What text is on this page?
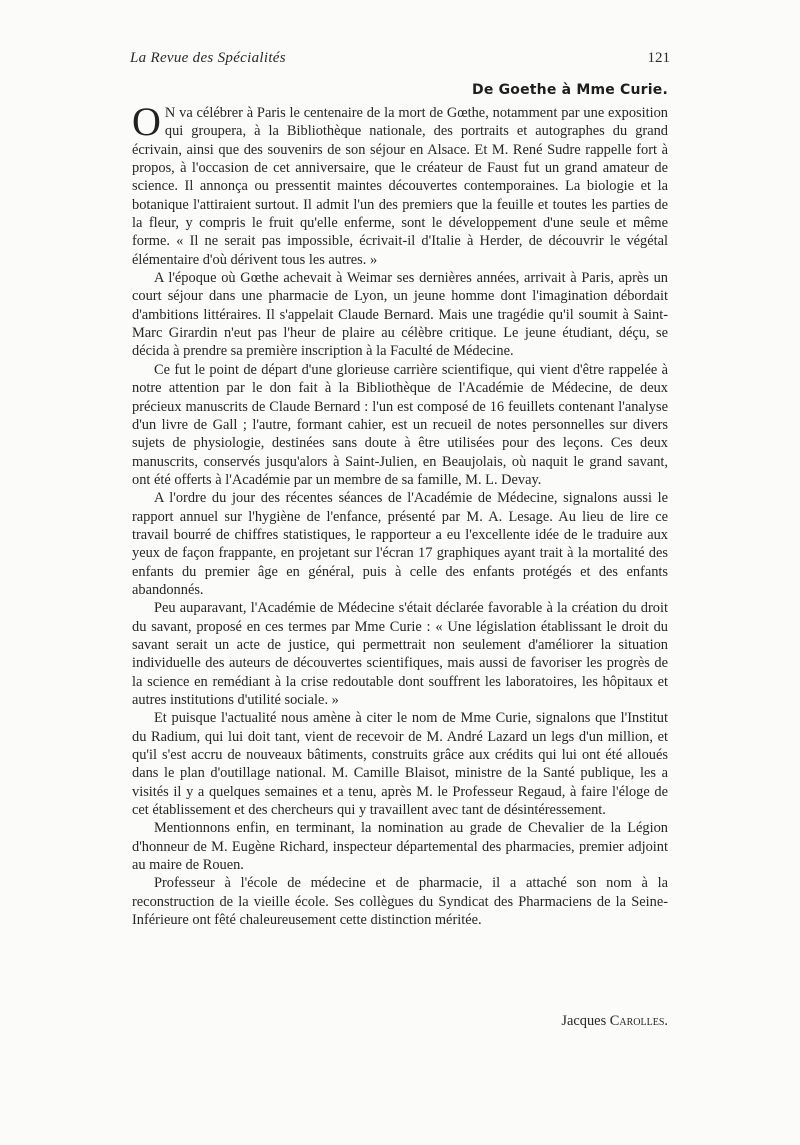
La Revue des Spécialités	121
De Goethe à Mme Curie.

O N va célébrer à Paris le centenaire de la mort de Gœthe, notamment par une exposition qui groupera, à la Bibliothèque nationale, des portraits et autographes du grand écrivain, ainsi que des souvenirs de son séjour en Alsace. Et M. René Sudre rappelle fort à propos, à l'occasion de cet anniversaire, que le créateur de Faust fut un grand amateur de science. Il annonça ou pressentit maintes découvertes contemporaines. La biologie et la botanique l'attiraient surtout. Il admit l'un des premiers que la feuille et toutes les parties de la fleur, y compris le fruit qu'elle enferme, sont le développement d'une seule et même forme. « Il ne serait pas impossible, écrivait-il d'Italie à Herder, de découvrir le végétal élémentaire d'où dérivent tous les autres. »

A l'époque où Gœthe achevait à Weimar ses dernières années, arrivait à Paris, après un court séjour dans une pharmacie de Lyon, un jeune homme dont l'imagination débordait d'ambitions littéraires. Il s'appelait Claude Bernard. Mais une tragédie qu'il soumit à Saint-Marc Girardin n'eut pas l'heur de plaire au célèbre critique. Le jeune étudiant, déçu, se décida à prendre sa première inscription à la Faculté de Médecine.

Ce fut le point de départ d'une glorieuse carrière scientifique, qui vient d'être rappelée à notre attention par le don fait à la Bibliothèque de l'Académie de Médecine, de deux précieux manuscrits de Claude Bernard : l'un est composé de 16 feuillets contenant l'analyse d'un livre de Gall ; l'autre, formant cahier, est un recueil de notes personnelles sur divers sujets de physiologie, destinées sans doute à être utilisées pour des leçons. Ces deux manuscrits, conservés jusqu'alors à Saint-Julien, en Beaujolais, où naquit le grand savant, ont été offerts à l'Académie par un membre de sa famille, M. L. Devay.

A l'ordre du jour des récentes séances de l'Académie de Médecine, signalons aussi le rapport annuel sur l'hygiène de l'enfance, présenté par M. A. Lesage. Au lieu de lire ce travail bourré de chiffres statistiques, le rapporteur a eu l'excellente idée de le traduire aux yeux de façon frappante, en projetant sur l'écran 17 graphiques ayant trait à la mortalité des enfants du premier âge en général, puis à celle des enfants protégés et des enfants abandonnés.

Peu auparavant, l'Académie de Médecine s'était déclarée favorable à la création du droit du savant, proposé en ces termes par Mme Curie : « Une législation établissant le droit du savant serait un acte de justice, qui permettrait non seulement d'améliorer la situation individuelle des auteurs de découvertes scientifiques, mais aussi de favoriser les progrès de la science en remédiant à la crise redoutable dont souffrent les laboratoires, les hôpitaux et autres institutions d'utilité sociale. »

Et puisque l'actualité nous amène à citer le nom de Mme Curie, signalons que l'Institut du Radium, qui lui doit tant, vient de recevoir de M. André Lazard un legs d'un million, et qu'il s'est accru de nouveaux bâtiments, construits grâce aux crédits qui lui ont été alloués dans le plan d'outillage national. M. Camille Blaisot, ministre de la Santé publique, les a visités il y a quelques semaines et a tenu, après M. le Professeur Regaud, à faire l'éloge de cet établissement et des chercheurs qui y travaillent avec tant de désintéressement.

Mentionnons enfin, en terminant, la nomination au grade de Chevalier de la Légion d'honneur de M. Eugène Richard, inspecteur départemental des pharmacies, premier adjoint au maire de Rouen.

Professeur à l'école de médecine et de pharmacie, il a attaché son nom à la reconstruction de la vieille école. Ses collègues du Syndicat des Pharmaciens de la Seine-Inférieure ont fêté chaleureusement cette distinction méritée.

Jacques Carolles.
